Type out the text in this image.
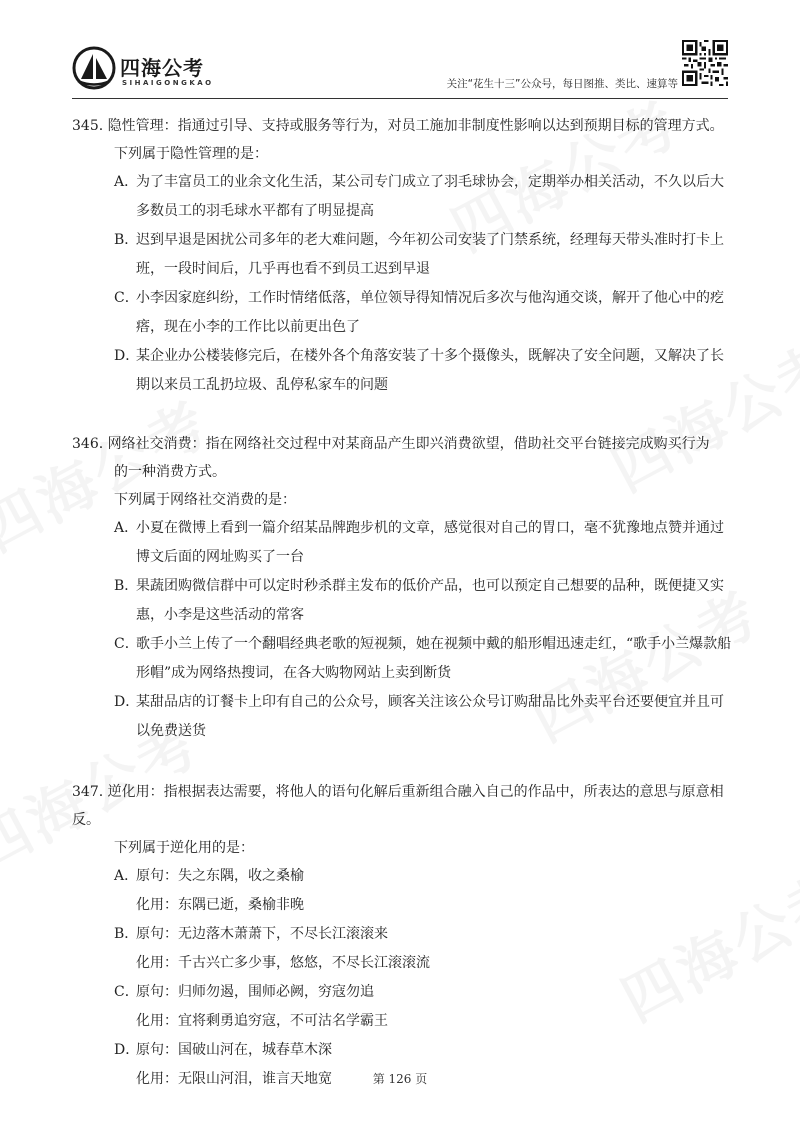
四海公考
SIHAIGONGKAO	关注“花生十三”公众号，每日图推、类比、速算等

345. 隐性管理：指通过引导、支持或服务等行为，对员工施加非制度性影响以达到预期目标的管理方式。

下列属于隐性管理的是：

A．
为了丰富员工的业余文化生活，某公司专门成立了羽毛球协会，定期举办相关活动，不久以后大多数员工的羽毛球水平都有了明显提高
B．
迟到早退是困扰公司多年的老大难问题，今年初公司安装了门禁系统，经理每天带头准时打卡上班，一段时间后，几乎再也看不到员工迟到早退
C．
小李因家庭纠纷，工作时情绪低落，单位领导得知情况后多次与他沟通交谈，解开了他心中的疙瘩，现在小李的工作比以前更出色了
D．
某企业办公楼装修完后，在楼外各个角落安装了十多个摄像头，既解决了安全问题，又解决了长期以来员工乱扔垃圾、乱停私家车的问题

346. 网络社交消费：指在网络社交过程中对某商品产生即兴消费欲望，借助社交平台链接完成购买行为

的一种消费方式。

下列属于网络社交消费的是：

A．
小夏在微博上看到一篇介绍某品牌跑步机的文章，感觉很对自己的胃口，毫不犹豫地点赞并通过博文后面的网址购买了一台
B．
果蔬团购微信群中可以定时秒杀群主发布的低价产品，也可以预定自己想要的品种，既便捷又实惠，小李是这些活动的常客
C．
歌手小兰上传了一个翻唱经典老歌的短视频，她在视频中戴的船形帽迅速走红，“歌手小兰爆款船形帽”成为网络热搜词，在各大购物网站上卖到断货
D．
某甜品店的订餐卡上印有自己的公众号，顾客关注该公众号订购甜品比外卖平台还要便宜并且可以免费送货

347. 逆化用：指根据表达需要，将他人的语句化解后重新组合融入自己的作品中，所表达的意思与原意相反。

下列属于逆化用的是：

A．
原句：失之东隅，收之桑榆
化用：东隅已逝，桑榆非晚
B．
原句：无边落木萧萧下，不尽长江滚滚来
化用：千古兴亡多少事，悠悠，不尽长江滚滚流
C．
原句：归师勿遏，围师必阙，穷寇勿追
化用：宜将剩勇追穷寇，不可沽名学霸王
D．
原句：国破山河在，城春草木深
化用：无限山河泪，谁言天地宽	第 126 页
